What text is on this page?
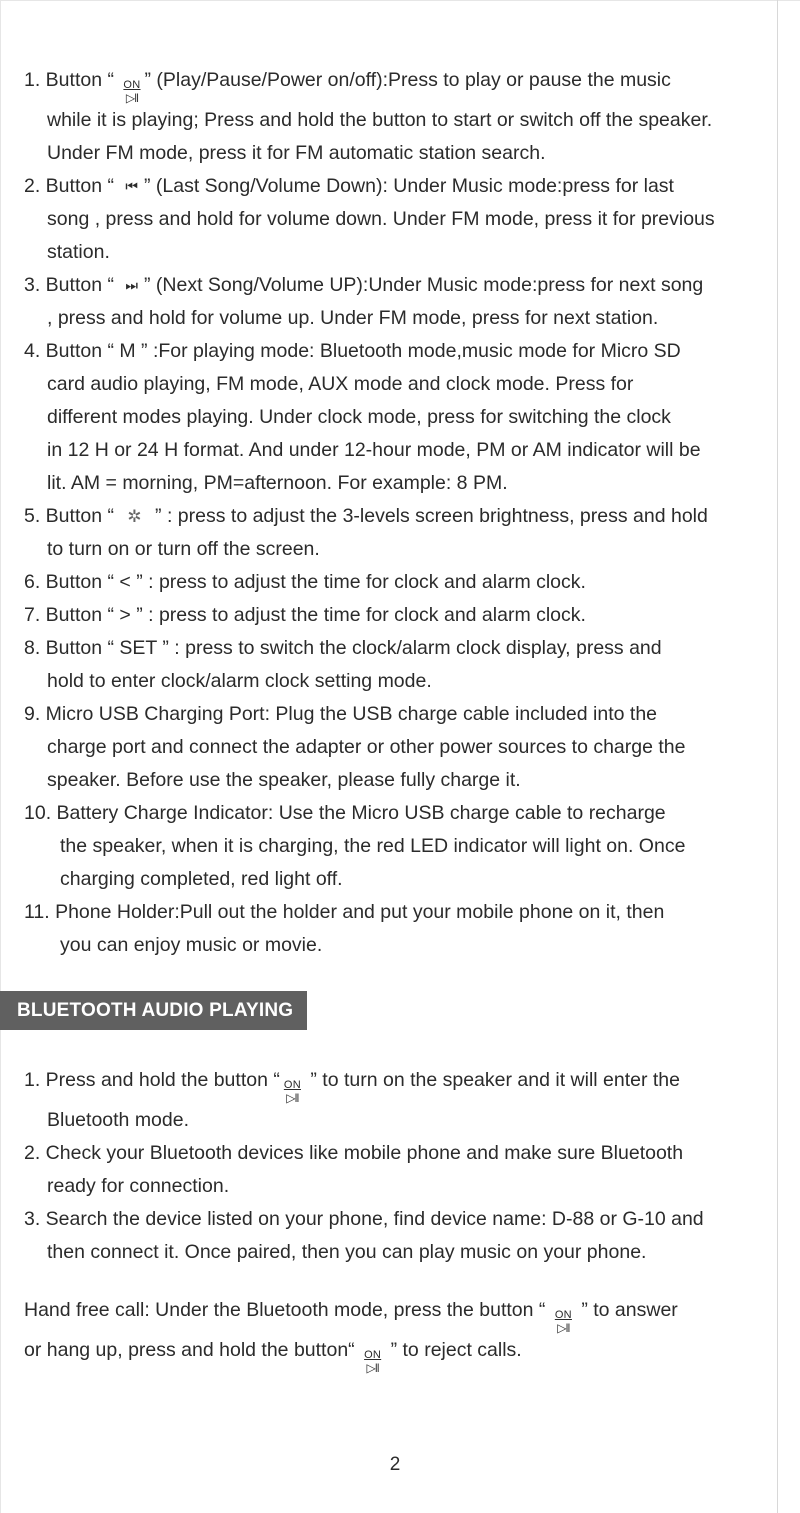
1. Button “ ON
▷‖
” (Play/Pause/Power on/off):Press to play or pause the music
while it is playing; Press and hold the button to start or switch off the speaker.
Under FM mode, press it for FM automatic station search.
2. Button “ ⏮ ” (Last Song/Volume Down): Under Music mode:press for last
song , press and hold for volume down. Under FM mode, press it for previous
station.
3. Button “ ⏭ ” (Next Song/Volume UP):Under Music mode:press for next song
, press and hold for volume up. Under FM mode, press for next station.
4. Button “ M ” :For playing mode: Bluetooth mode,music mode for Micro SD
card audio playing, FM mode, AUX mode and clock mode. Press for
different modes playing. Under clock mode, press for switching the clock
in 12 H or 24 H format. And under 12-hour mode, PM or AM indicator will be
lit. AM = morning, PM=afternoon. For example: 8 PM.
5. Button “ ✲ ” : press to adjust the 3-levels screen brightness, press and hold
to turn on or turn off the screen.
6. Button “ < ” : press to adjust the time for clock and alarm clock.
7. Button “ > ” : press to adjust the time for clock and alarm clock.
8. Button “ SET ” : press to switch the clock/alarm clock display, press and
hold to enter clock/alarm clock setting mode.
9. Micro USB Charging Port: Plug the USB charge cable included into the
charge port and connect the adapter or other power sources to charge the
speaker. Before use the speaker, please fully charge it.
10. Battery Charge Indicator: Use the Micro USB charge cable to recharge
the speaker, when it is charging, the red LED indicator will light on. Once
charging completed, red light off.
11. Phone Holder:Pull out the holder and put your mobile phone on it, then
you can enjoy music or movie.
BLUETOOTH AUDIO PLAYING
1. Press and hold the button “ ON
▷‖
” to turn on the speaker and it will enter the
Bluetooth mode.
2. Check your Bluetooth devices like mobile phone and make sure Bluetooth
ready for connection.
3. Search the device listed on your phone, find device name: D-88 or G-10 and
then connect it. Once paired, then you can play music on your phone.
Hand free call: Under the Bluetooth mode, press the button “ ON
▷‖
” to answer
or hang up, press and hold the button“ ON
▷‖
” to reject calls.
2
